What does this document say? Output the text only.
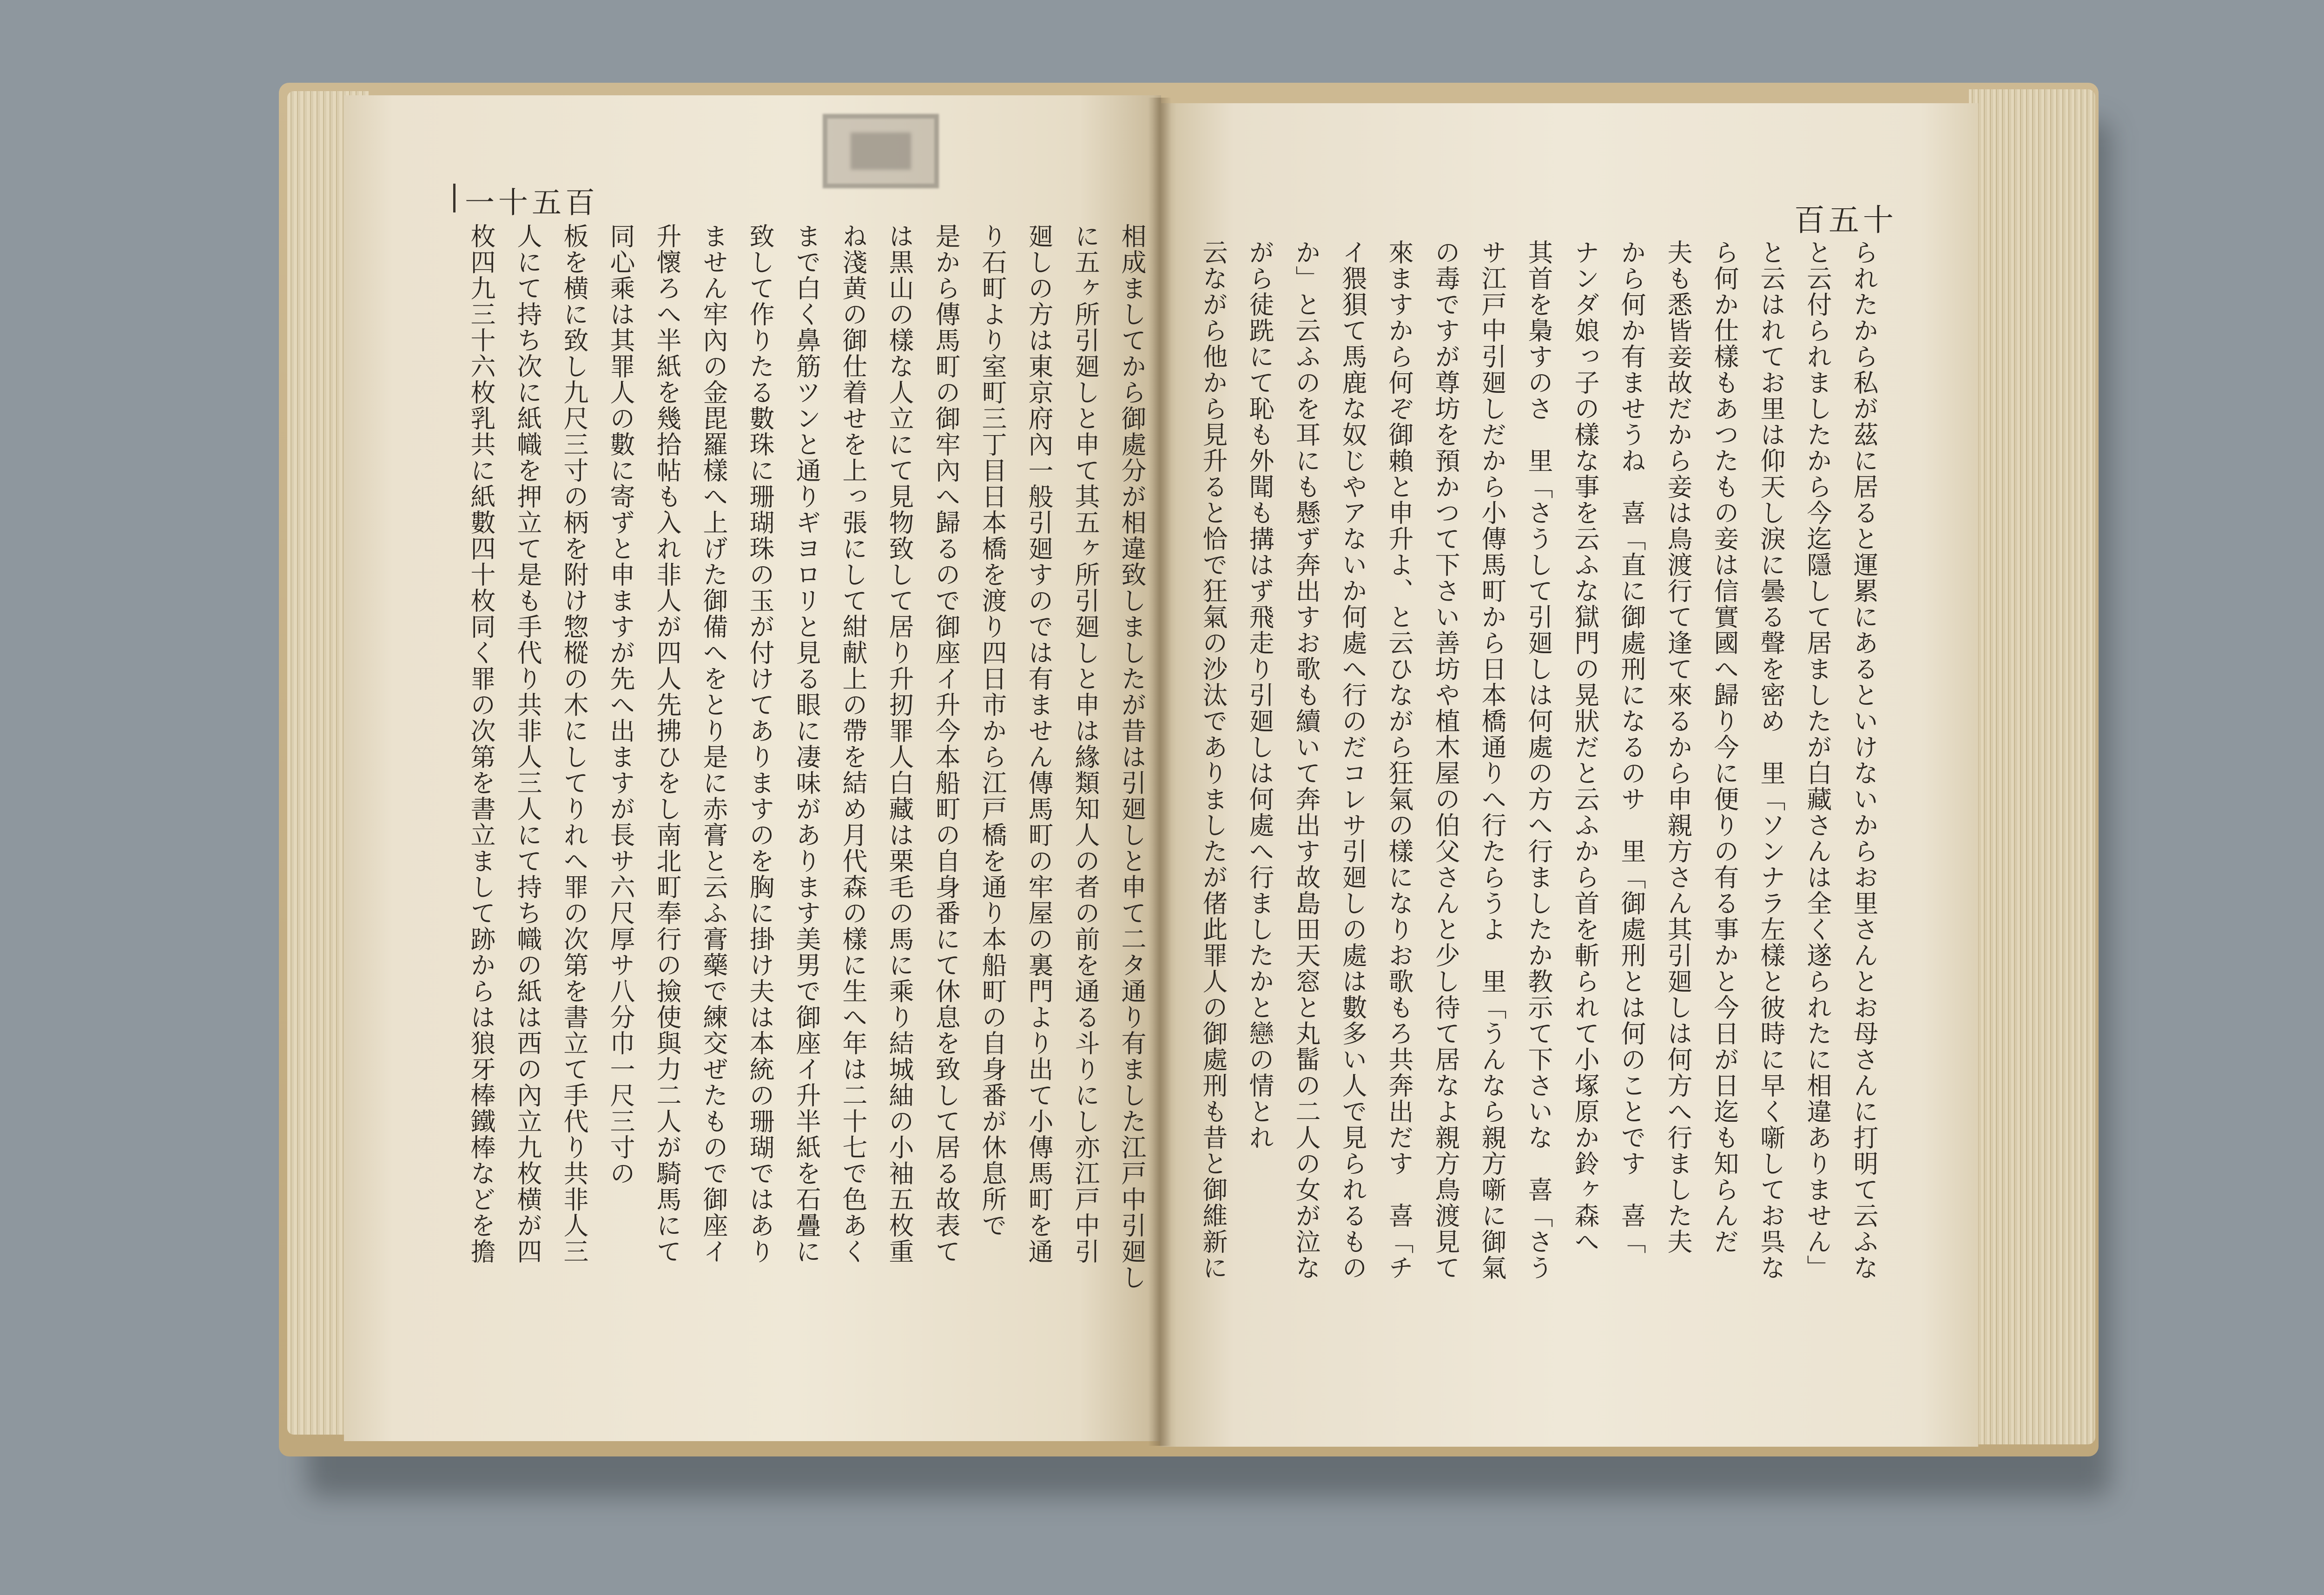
一十五百	百五十
相成ましてから御處分が相違致しましたが昔は引廻しと申て二タ通り有ました江戸中引廻し
に五ヶ所引廻しと申て其五ヶ所引廻しと申は緣類知人の者の前を通る斗りにし亦江戸中引
廻しの方は東京府內一般引廻すのでは有ません傳馬町の牢屋の裏門より出て小傳馬町を通
り石町より室町三丁目日本橋を渡り四日市から江戸橋を通り本船町の自身番が休息所で
是から傳馬町の御牢內へ歸るので御座イ升今本船町の自身番にて休息を致して居る故表て
は黒山の樣な人立にて見物致して居り升扨罪人白藏は栗毛の馬に乘り結城紬の小袖五枚重
ね淺黄の御仕着せを上っ張にして紺献上の帶を結め月代森の樣に生へ年は二十七で色あく
まで白く鼻筋ツンと通りギヨロリと見る眼に凄味があります美男で御座イ升半紙を石疊に
致して作りたる數珠に珊瑚珠の玉が付けてありますのを胸に掛け夫は本統の珊瑚ではあり
ません牢內の金毘羅樣へ上げた御備へをとり是に赤膏と云ふ膏藥で練交ぜたもので御座イ
升懷ろへ半紙を幾拾帖も入れ非人が四人先拂ひをし南北町奉行の撿使與力二人が騎馬にて
同心乘は其罪人の數に寄ずと申ますが先へ出ますが長サ六尺厚サ八分巾一尺三寸の
板を横に致し九尺三寸の柄を附け惣樅の木にしてりれへ罪の次第を書立て手代り共非人三
人にて持ち次に紙幟を押立て是も手代り共非人三人にて持ち幟の紙は西の內立九枚横が四
枚四九三十六枚乳共に紙數四十枚同く罪の次第を書立まして跡からは狼牙棒鐵棒などを擔	られたから私が茲に居ると運累にあるといけないからお里さんとお母さんに打明て云ふな
と云付られましたから今迄隱して居ましたが白藏さんは全く遂られたに相違ありません」
と云はれてお里は仰天し淚に曇る聲を密め　里「ソンナラ左樣と彼時に早く噺してお呉な
ら何か仕樣もあつたもの妾は信實國へ歸り今に便りの有る事かと今日が日迄も知らんだ
夫も悉皆妾故だから妾は鳥渡行て逢て來るから申親方さん其引廻しは何方へ行ました夫
から何か有ませうね　喜「直に御處刑になるのサ　里「御處刑とは何のことです　喜「
ナンダ娘っ子の樣な事を云ふな獄門の晃狀だと云ふから首を斬られて小塚原か鈴ヶ森へ
其首を梟すのさ　里「さうして引廻しは何處の方へ行ましたか教示て下さいな　喜「さう
サ江戸中引廻しだから小傳馬町から日本橋通りへ行たらうよ　里「うんなら親方噺に御氣
の毒ですが尊坊を預かつて下さい善坊や植木屋の伯父さんと少し待て居なよ親方鳥渡見て
來ますから何ぞ御賴と申升よ、と云ひながら狂氣の樣になりお歌もろ共奔出だす　喜「チ
イ猥狽て馬鹿な奴じやアないか何處へ行のだコレサ引廻しの處は數多い人で見られるもの
か」と云ふのを耳にも懸ず奔出すお歌も續いて奔出す故島田天窓と丸髷の二人の女が泣な
がら徒跣にて恥も外聞も搆はず飛走り引廻しは何處へ行ましたかと戀の情とれ
云ながら他から見升ると恰で狂氣の沙汰でありましたが偖此罪人の御處刑も昔と御維新に
